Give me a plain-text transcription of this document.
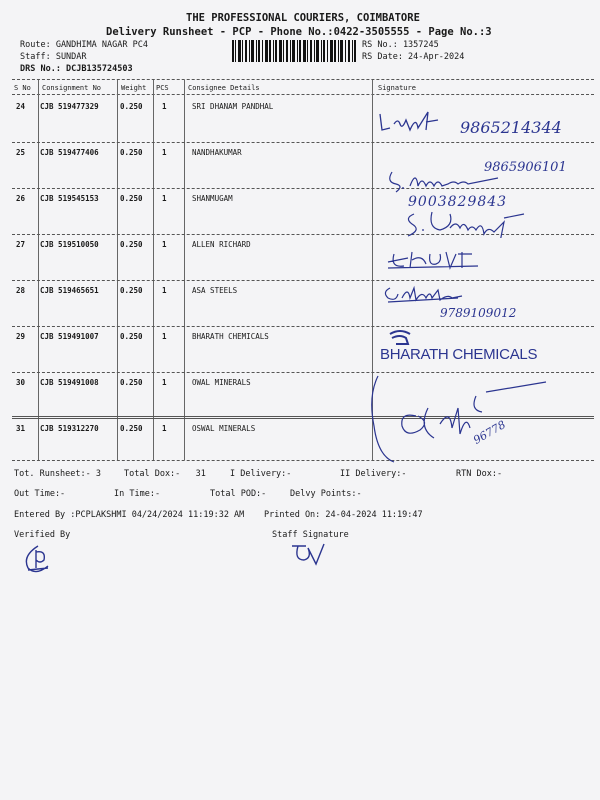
THE PROFESSIONAL COURIERS, COIMBATORE
Delivery Runsheet - PCP - Phone No.:0422-3505555 - Page No.:3
Route: GANDHIMA NAGAR PC4
Staff: SUNDAR
DRS No.: DCJB135724503
RS No.: 1357245
RS Date: 24-Apr-2024
S No Consignment No	Weight PCS	Consignee Details	Signature
24 CJB 519477329	0.250	1	SRI DHANAM PANDHAL
25 CJB 519477406	0.250	1	NANDHAKUMAR
26 CJB 519545153	0.250	1	SHANMUGAM
27 CJB 519510050	0.250	1	ALLEN RICHARD
28 CJB 519465651	0.250	1	ASA STEELS
29 CJB 519491007	0.250	1	BHARATH CHEMICALS
30 CJB 519491008	0.250	1	OWAL MINERALS
31 CJB 519312270	0.250	1	OSWAL MINERALS
9865214344
9865906101
9003829843
9789109012
BHARATH CHEMICALS
96778
Tot. Runsheet:- 3	Total Dox:-   31	I Delivery:-	II Delivery:-	RTN Dox:-
Out Time:-	In Time:-	Total POD:-	Delvy Points:-
Entered By :PCPLAKSHMI 04/24/2024 11:19:32 AM Printed On: 24-04-2024 11:19:47
Verified By	Staff Signature
